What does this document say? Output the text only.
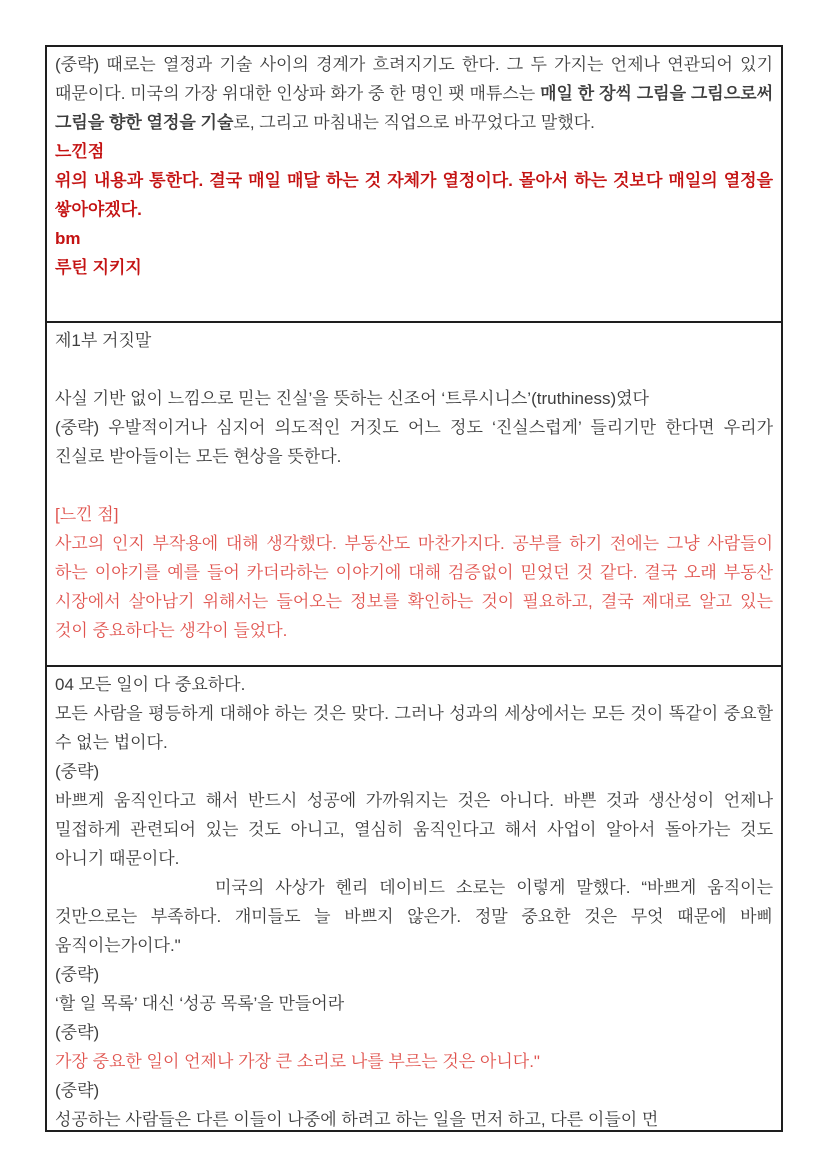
(중략) 때로는 열정과 기술 사이의 경계가 흐려지기도 한다. 그 두 가지는 언제나 연관되어 있기 때문이다. 미국의 가장 위대한 인상파 화가 중 한 명인 팻 매튜스는 매일 한 장씩 그림을 그림으로써 그림을 향한 열정을 기술로, 그리고 마침내는 직업으로 바꾸었다고 말했다.

느낀점

위의 내용과 통한다. 결국 매일 매달 하는 것 자체가 열정이다. 몰아서 하는 것보다 매일의 열정을 쌓아야겠다.

bm

루틴 지키지

제1부 거짓말

사실 기반 없이 느낌으로 믿는 진실’을 뜻하는 신조어 ‘트루시니스’(truthiness)였다

(중략) 우발적이거나 심지어 의도적인 거짓도 어느 정도 ‘진실스럽게’ 들리기만 한다면 우리가 진실로 받아들이는 모든 현상을 뜻한다.

[느낀 점]

사고의 인지 부작용에 대해 생각했다. 부동산도 마찬가지다. 공부를 하기 전에는 그냥 사람들이 하는 이야기를 예를 들어 카더라하는 이야기에 대해 검증없이 믿었던 것 같다. 결국 오래 부동산 시장에서 살아남기 위해서는 들어오는 정보를 확인하는 것이 필요하고, 결국 제대로 알고 있는 것이 중요하다는 생각이 들었다.

04 모든 일이 다 중요하다.

모든 사람을 평등하게 대해야 하는 것은 맞다. 그러나 성과의 세상에서는 모든 것이 똑같이 중요할 수 없는 법이다.

(중략)

바쁘게 움직인다고 해서 반드시 성공에 가까워지는 것은 아니다. 바쁜 것과 생산성이 언제나 밀접하게 관련되어 있는 것도 아니고, 열심히 움직인다고 해서 사업이 알아서 돌아가는 것도 아니기 때문이다.

미국의 사상가 헨리 데이비드 소로는 이렇게 말했다. “바쁘게 움직이는 것만으로는 부족하다. 개미들도 늘 바쁘지 않은가. 정말 중요한 것은 무엇 때문에 바삐 움직이는가이다."

(중략)

‘할 일 목록’ 대신 ‘성공 목록’을 만들어라

(중략)

가장 중요한 일이 언제나 가장 큰 소리로 나를 부르는 것은 아니다."

(중략)

성공하는 사람들은 다른 이들이 나중에 하려고 하는 일을 먼저 하고, 다른 이들이 먼
